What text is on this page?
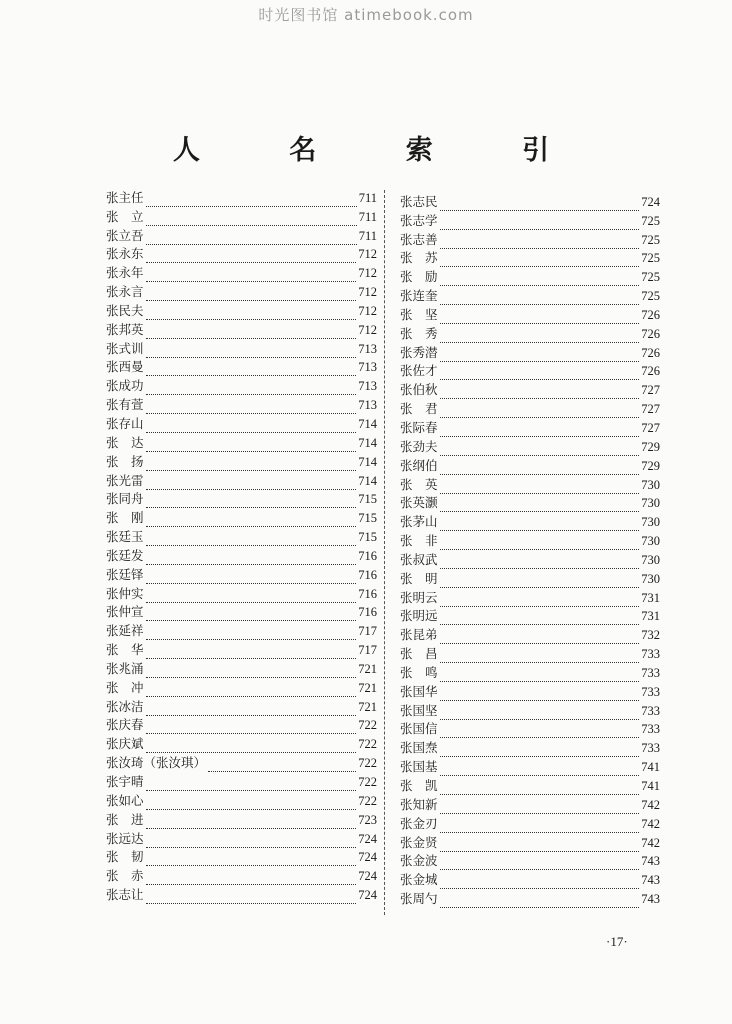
时光图书馆 atimebook.com
人 名 索 引
张主任	711
张　立	711
张立吾	711
张永东	712
张永年	712
张永言	712
张民夫	712
张邦英	712
张式训	713
张西曼	713
张成功	713
张有萱	713
张存山	714
张　达	714
张　扬	714
张光雷	714
张同舟	715
张　刚	715
张廷玉	715
张廷发	716
张廷铎	716
张仲实	716
张仲宣	716
张延祥	717
张　华	717
张兆涌	721
张　冲	721
张冰洁	721
张庆春	722
张庆斌	722
张汝琦（张汝琪）	722
张宇晴	722
张如心	722
张　进	723
张远达	724
张　韧	724
张　赤	724
张志让	724
张志民	724
张志学	725
张志善	725
张　苏	725
张　励	725
张连奎	725
张　坚	726
张　秀	726
张秀潜	726
张佐才	726
张伯秋	727
张　君	727
张际春	727
张劲夫	729
张纲伯	729
张　英	730
张英灏	730
张茅山	730
张　非	730
张叔武	730
张　明	730
张明云	731
张明远	731
张昆弟	732
张　昌	733
张　鸣	733
张国华	733
张国坚	733
张国信	733
张国焘	733
张国基	741
张　凯	741
张知新	742
张金刃	742
张金贤	742
张金波	743
张金城	743
张周勺	743
·17·
